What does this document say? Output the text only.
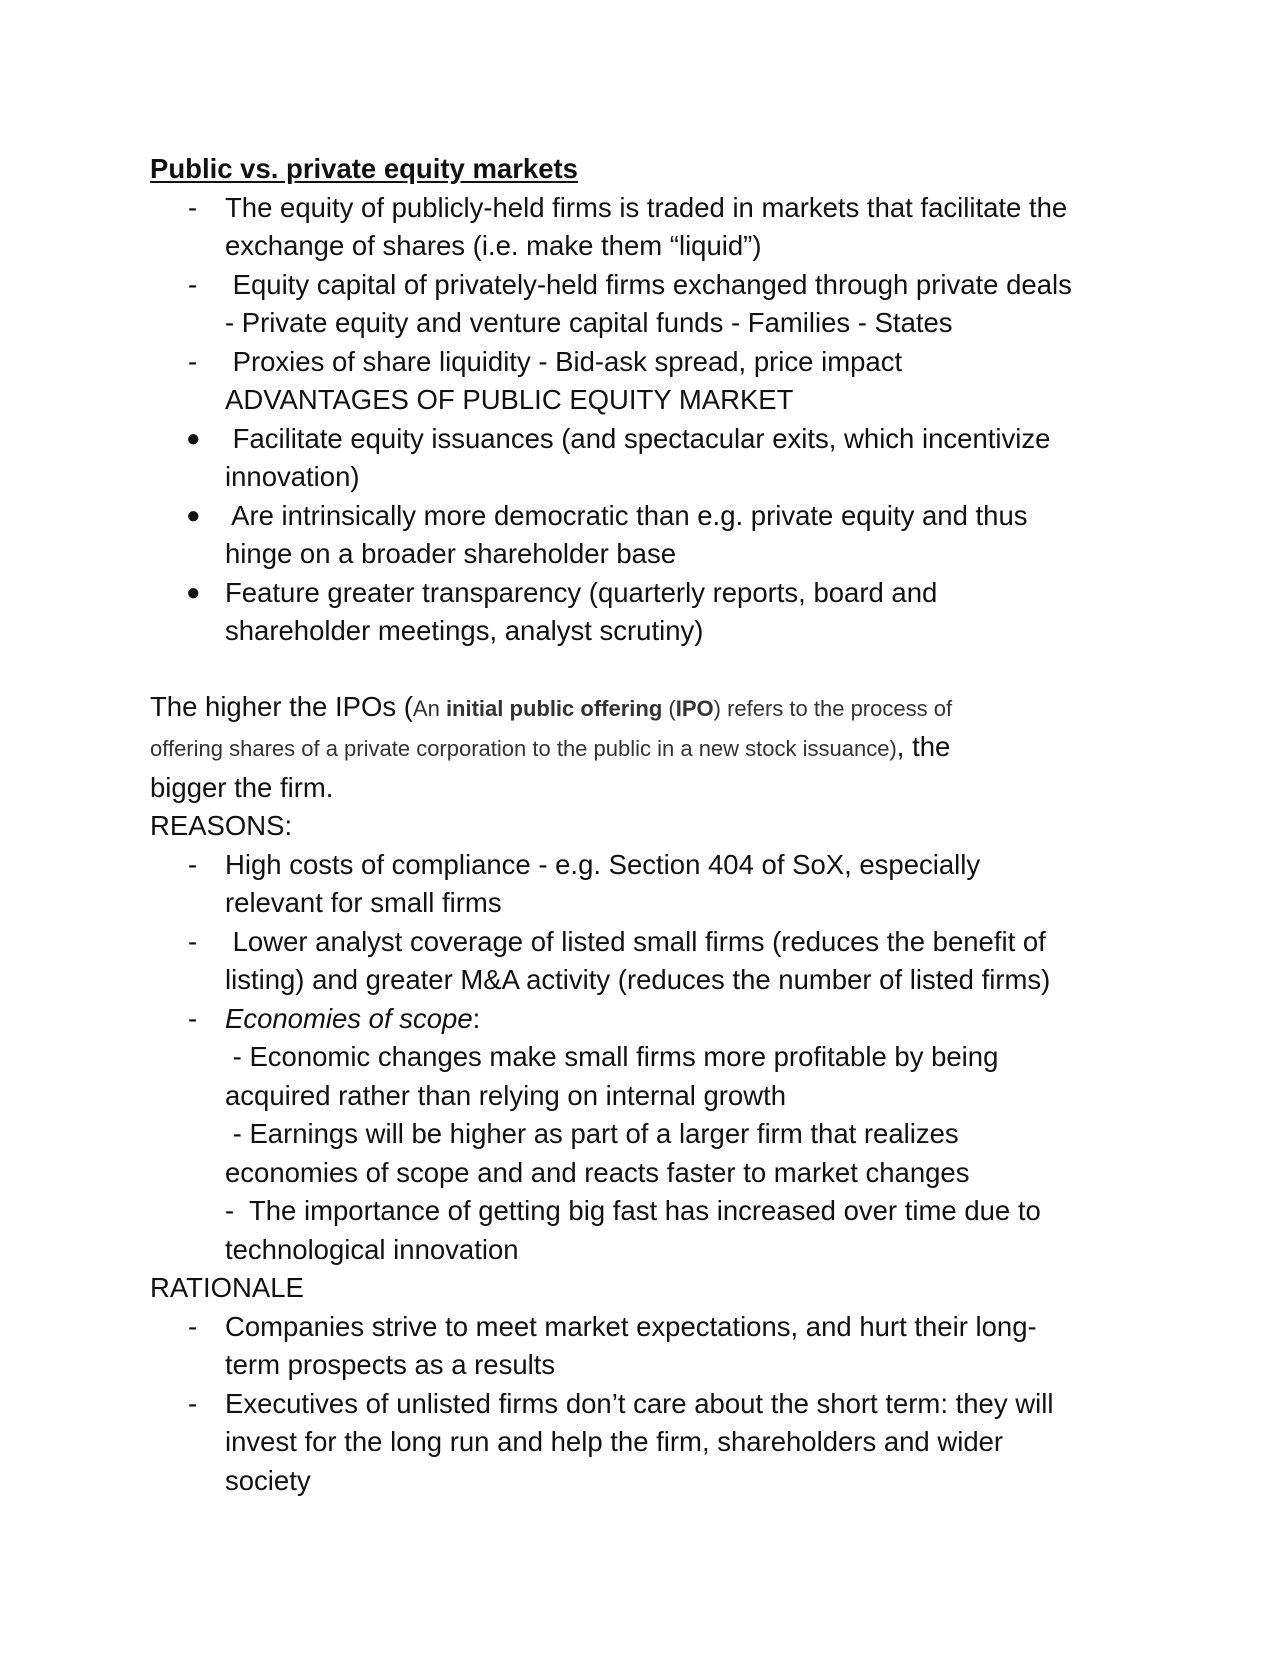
Public vs. private equity markets

- The equity of publicly-held firms is traded in markets that facilitate the

exchange of shares (i.e. make them “liquid”)

- Equity capital of privately-held firms exchanged through private deals

- Private equity and venture capital funds - Families - States

- Proxies of share liquidity - Bid-ask spread, price impact

ADVANTAGES OF PUBLIC EQUITY MARKET

● Facilitate equity issuances (and spectacular exits, which incentivize

innovation)

● Are intrinsically more democratic than e.g. private equity and thus

hinge on a broader shareholder base

● Feature greater transparency (quarterly reports, board and

shareholder meetings, analyst scrutiny)

The higher the IPOs (An initial public offering (IPO) refers to the process of

offering shares of a private corporation to the public in a new stock issuance), the

bigger the firm.

REASONS:

- High costs of compliance - e.g. Section 404 of SoX, especially

relevant for small firms

- Lower analyst coverage of listed small firms (reduces the benefit of

listing) and greater M&A activity (reduces the number of listed firms)

- Economies of scope:

- Economic changes make small firms more profitable by being

acquired rather than relying on internal growth

- Earnings will be higher as part of a larger firm that realizes

economies of scope and and reacts faster to market changes

-  The importance of getting big fast has increased over time due to

technological innovation

RATIONALE

- Companies strive to meet market expectations, and hurt their long-

term prospects as a results

- Executives of unlisted firms don’t care about the short term: they will

invest for the long run and help the firm, shareholders and wider

society
